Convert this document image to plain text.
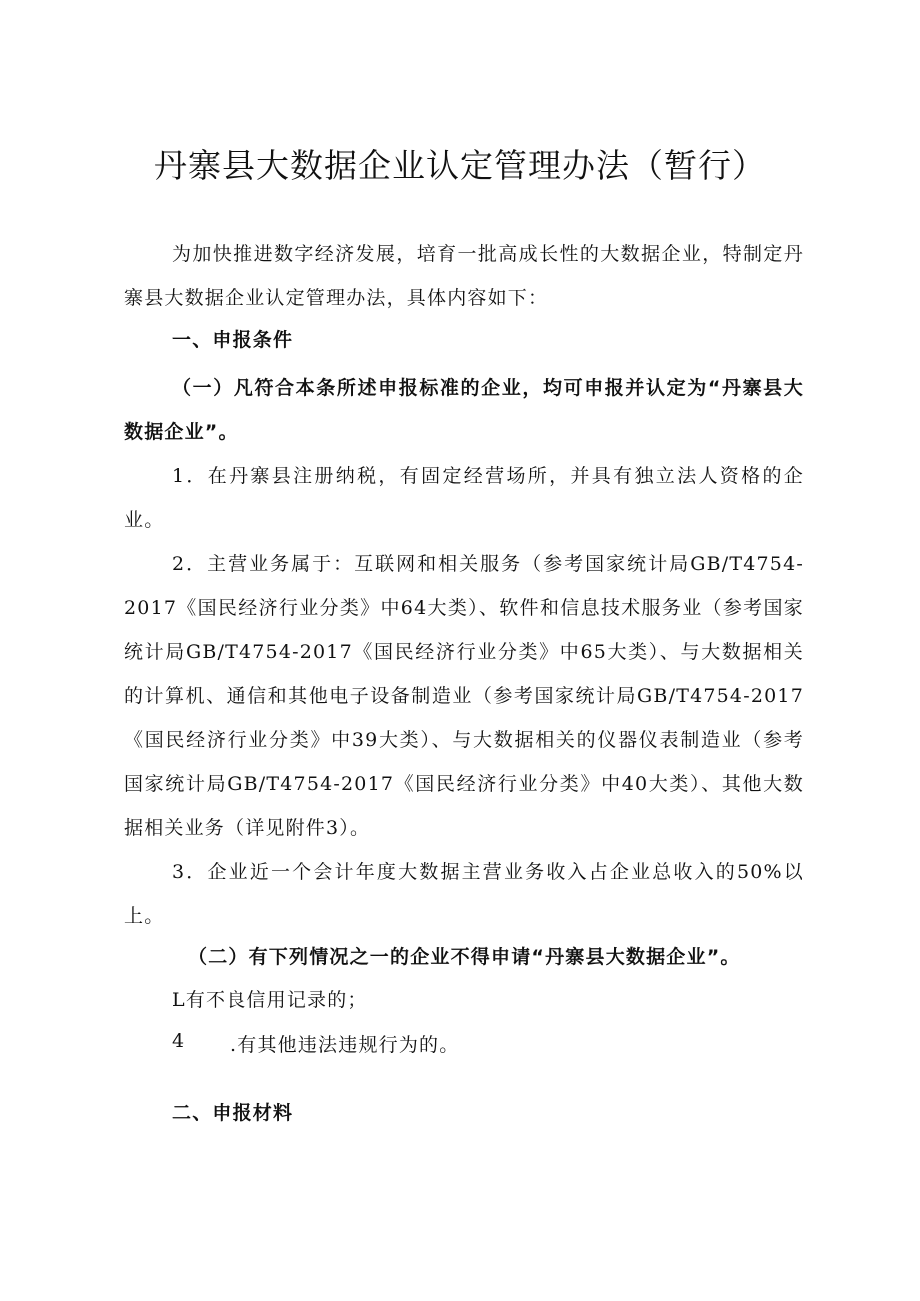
丹寨县大数据企业认定管理办法（暂行）

为加快推进数字经济发展，培育一批高成长性的大数据企业，特制定丹寨县大数据企业认定管理办法，具体内容如下：

一、申报条件

（一）凡符合本条所述申报标准的企业，均可申报并认定为“丹寨县大数据企业”。

1．在丹寨县注册纳税，有固定经营场所，并具有独立法人资格的企业。

2．主营业务属于：互联网和相关服务（参考国家统计局GB/T4754-2017《国民经济行业分类》中64大类）、软件和信息技术服务业（参考国家统计局GB/T4754-2017《国民经济行业分类》中65大类）、与大数据相关的计算机、通信和其他电子设备制造业（参考国家统计局GB/T4754-2017《国民经济行业分类》中39大类）、与大数据相关的仪器仪表制造业（参考国家统计局GB/T4754-2017《国民经济行业分类》中40大类）、其他大数据相关业务（详见附件3）。

3．企业近一个会计年度大数据主营业务收入占企业总收入的50%以上。

（二）有下列情况之一的企业不得申请“丹寨县大数据企业”。
L有不良信用记录的；
4 .有其他违法违规行为的。
二、申报材料
